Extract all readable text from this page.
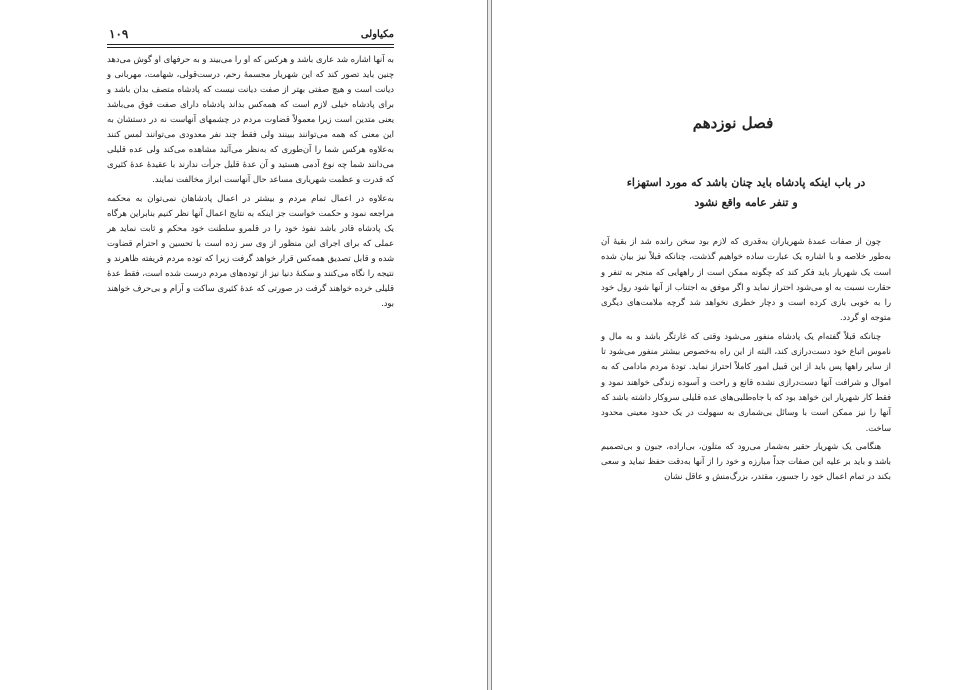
مکیاولی
۱۰۹

به آنها اشاره شد عاری باشد و هرکس که او را می‌بیند و به حرفهای او گوش می‌دهد چنین باید تصور کند که این شهریار مجسمهٔ رحم، درست‌قولی، شهامت، مهربانی و دیانت است و هیچ صفتی بهتر از صفت دیانت نیست که پادشاه متصف بدان باشد و برای پادشاه خیلی لازم است که همه‌کس بداند پادشاه دارای صفت فوق می‌باشد یعنی متدین است زیرا معمولاً قضاوت مردم در چشمهای آنهاست نه در دستشان به این معنی که همه می‌توانند ببینند ولی فقط چند نفر معدودی می‌توانند لمس کنند به‌علاوه هرکس شما را آن‌طوری که به‌نظر می‌آئید مشاهده می‌کند ولی عده قلیلی می‌دانند شما چه نوع آدمی هستید و آن عدهٔ قلیل جرأت ندارند با عقیدهٔ عدهٔ کثیری که قدرت و عظمت شهریاری مساعد حال آنهاست ابراز مخالفت نمایند.

به‌علاوه در اعمال تمام مردم و بیشتر در اعمال پادشاهان نمی‌توان به محکمه مراجعه نمود و حکمت خواست جز اینکه به نتایج اعمال آنها نظر کنیم بنابراین هرگاه یک پادشاه قادر باشد نفوذ خود را در قلمرو سلطنت خود محکم و ثابت نماید هر عملی که برای اجرای این منظور از وی سر زده است با تحسین و احترام قضاوت شده و قابل تصدیق همه‌کس قرار خواهد گرفت زیرا که توده مردم فریفته ظاهرند و نتیجه را نگاه می‌کنند و سکنهٔ دنیا نیز از توده‌های مردم درست شده است، فقط عدهٔ قلیلی خرده خواهند گرفت در صورتی که عدهٔ کثیری ساکت و آرام و بی‌حرف خواهند بود.

فصل نوزدهم
در باب اینکه پادشاه باید چنان باشد که مورد استهزاء
و تنفر عامه واقع نشود

چون از صفات عمدهٔ شهریاران به‌قدری که لازم بود سخن رانده شد از بقیهٔ آن به‌طور خلاصه و با اشاره یک عبارت ساده خواهیم گذشت، چنانکه قبلاً نیز بیان شده است یک شهریار باید فکر کند که چگونه ممکن است از راههایی که منجر به تنفر و حقارت نسبت به او می‌شود احتراز نماید و اگر موفق به اجتناب از آنها شود رول خود را به خوبی بازی کرده است و دچار خطری نخواهد شد گرچه ملامت‌های دیگری متوجه او گردد.

چنانکه قبلاً گفته‌ام یک پادشاه منفور می‌شود وقتی که غارتگر باشد و به مال و ناموس اتباع خود دست‌درازی کند، البته از این راه به‌خصوص بیشتر منفور می‌شود تا از سایر راهها پس باید از این قبیل امور کاملاً احتراز نماید. تودهٔ مردم مادامی که به اموال و شرافت آنها دست‌درازی نشده قانع و راحت و آسوده زندگی خواهند نمود و فقط کار شهریار این خواهد بود که با جاه‌طلبی‌های عده قلیلی سروکار داشته باشد که آنها را نیز ممکن است با وسائل بی‌شماری به سهولت در یک حدود معینی محدود ساخت.

هنگامی یک شهریار حقیر به‌شمار می‌رود که متلون، بی‌اراده، جبون و بی‌تصمیم باشد و باید بر علیه این صفات جداً مبارزه و خود را از آنها به‌دقت حفظ نماید و سعی بکند در تمام اعمال خود را جسور، مقتدر، بزرگ‌منش و عاقل نشان
